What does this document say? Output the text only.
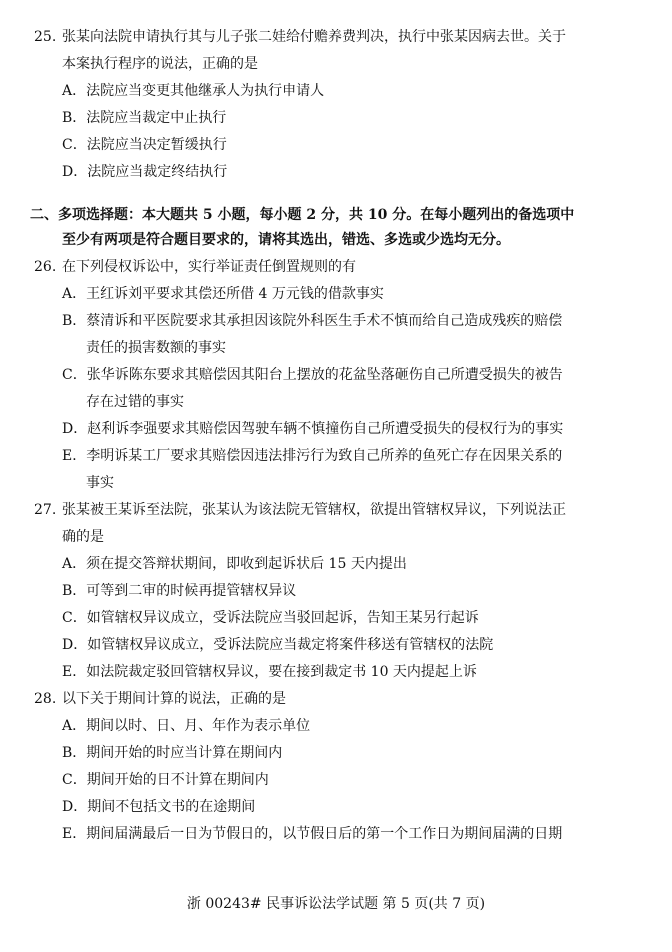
25. 张某向法院申请执行其与儿子张二娃给付赡养费判决，执行中张某因病去世。关于
本案执行程序的说法，正确的是
A．法院应当变更其他继承人为执行申请人
B．法院应当裁定中止执行
C．法院应当决定暂缓执行
D．法院应当裁定终结执行
二、多项选择题：本大题共 5 小题，每小题 2 分，共 10 分。在每小题列出的备选项中
至少有两项是符合题目要求的，请将其选出，错选、多选或少选均无分。
26. 在下列侵权诉讼中，实行举证责任倒置规则的有
A．王红诉刘平要求其偿还所借 4 万元钱的借款事实
B．蔡清诉和平医院要求其承担因该院外科医生手术不慎而给自己造成残疾的赔偿
责任的损害数额的事实
C．张华诉陈东要求其赔偿因其阳台上摆放的花盆坠落砸伤自己所遭受损失的被告
存在过错的事实
D．赵利诉李强要求其赔偿因驾驶车辆不慎撞伤自己所遭受损失的侵权行为的事实
E．李明诉某工厂要求其赔偿因违法排污行为致自己所养的鱼死亡存在因果关系的
事实
27. 张某被王某诉至法院，张某认为该法院无管辖权，欲提出管辖权异议，下列说法正
确的是
A．须在提交答辩状期间，即收到起诉状后 15 天内提出
B．可等到二审的时候再提管辖权异议
C．如管辖权异议成立，受诉法院应当驳回起诉，告知王某另行起诉
D．如管辖权异议成立，受诉法院应当裁定将案件移送有管辖权的法院
E．如法院裁定驳回管辖权异议，要在接到裁定书 10 天内提起上诉
28. 以下关于期间计算的说法，正确的是
A．期间以时、日、月、年作为表示单位
B．期间开始的时应当计算在期间内
C．期间开始的日不计算在期间内
D．期间不包括文书的在途期间
E．期间届满最后一日为节假日的，以节假日后的第一个工作日为期间届满的日期
浙 00243# 民事诉讼法学试题 第 5 页(共 7 页)
